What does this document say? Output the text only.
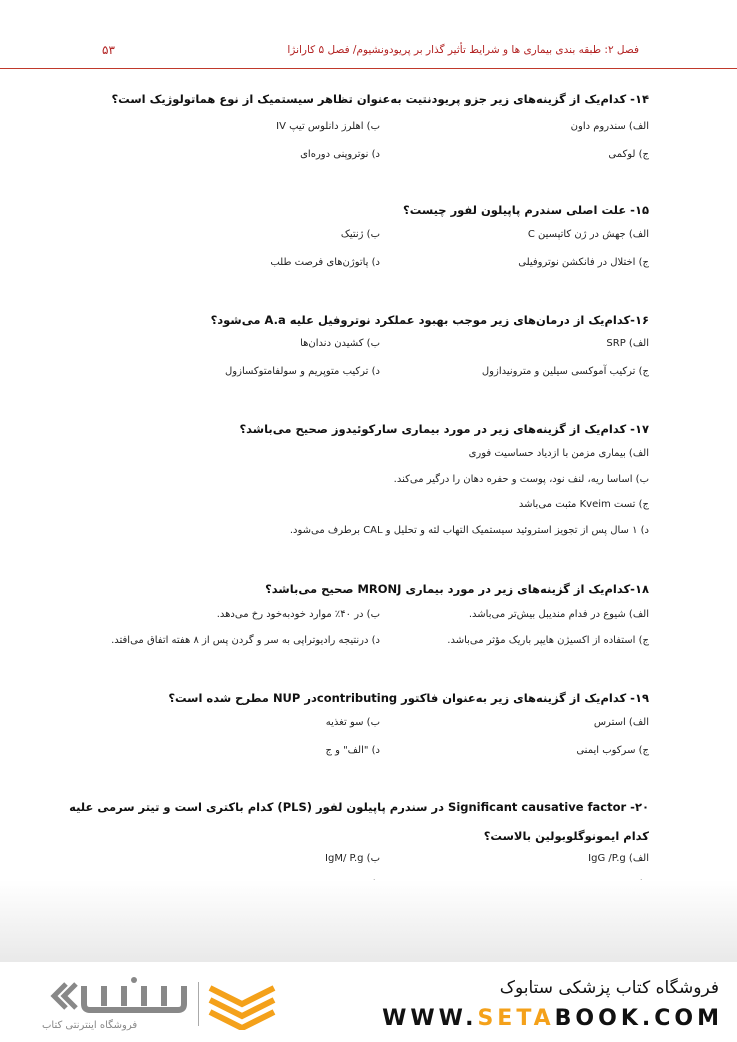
فصل ۲: طبقه بندی بیماری ها و شرایط تأثیر گذار بر پریودونشیوم/ فصل ۵ کارانژا
۵۳
۱۴- کدام‌یک از گزینه‌های زیر جزو پریودنتیت به‌عنوان تظاهر سیستمیک از نوع هماتولوژیک است؟
الف) سندروم داون
ب) اهلرز دانلوس تیپ IV
ج) لوکمی
د) نوتروپنی دوره‌ای
۱۵- علت اصلی سندرم پاپیلون لفور چیست؟
الف) جهش در ژن کاتپسین C
ب) ژنتیک
ج) اختلال در فانکشن نوتروفیلی
د) پاتوژن‌های فرصت طلب
۱۶-کدام‌یک از درمان‌های زیر موجب بهبود عملکرد نوتروفیل علیه A.a می‌شود؟
الف) SRP
ب) کشیدن دندان‌ها
ج) ترکیب آموکسی سیلین و مترونیدازول
د) ترکیب متوپریم و سولفامتوکسازول
۱۷- کدام‌یک از گزینه‌های زیر در مورد بیماری سارکوئیدوز صحیح می‌باشد؟
الف) بیماری مزمن با ازدیاد حساسیت فوری
ب) اساسا ریه، لنف نود، پوست و حفره دهان را درگیر می‌کند.
ج) تست Kveim مثبت می‌باشد
د) ۱ سال پس از تجویز استروئید سیستمیک التهاب لثه و تحلیل و CAL برطرف می‌شود.
۱۸-کدام‌یک از گزینه‌های زیر در مورد بیماری MRONJ صحیح می‌باشد؟
الف) شیوع در فدام مندیبل بیش‌تر می‌باشد.
ب) در ۴۰٪ موارد خودبه‌خود رخ می‌دهد.
ج) استفاده از اکسیژن هایپر باریک مؤثر می‌باشد.
د) درنتیجه رادیوتراپی به سر و گردن پس از ۸ هفته اتفاق می‌افتد.
۱۹- کدام‌یک از گزینه‌های زیر به‌عنوان فاکتور contributingدر NUP مطرح شده است؟
الف) استرس
ب) سو تغذیه
ج) سرکوب ایمنی
د) "الف" و ج
۲۰- Significant causative factor در سندرم پاپیلون لفور (PLS) کدام باکتری است و تیتر سرمی علیه
کدام ایمونوگلوبولین بالاست؟
الف) IgG /P.g
ب) IgM/ P.g
فروشگاه اینترنتی کتاب
فروشگاه کتاب پزشکی ستابوک
WWW.SETABOOK.COM
